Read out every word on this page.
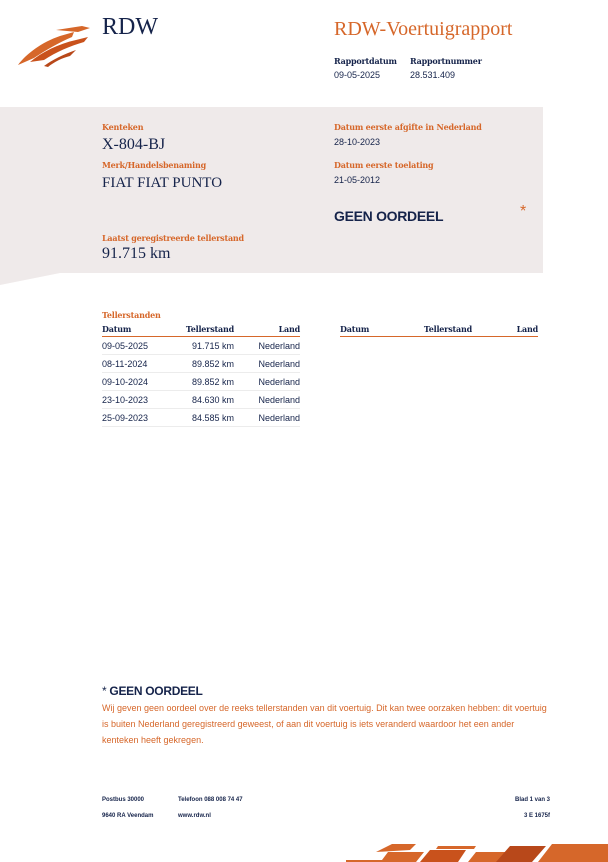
RDW	RDW-Voertuigrapport
Rapportdatum
09-05-2025
Rapportnummer
28.531.409
Kenteken
X-804-BJ
Merk/Handelsbenaming
FIAT FIAT PUNTO
Laatst geregistreerde tellerstand
91.715 km
Datum eerste afgifte in Nederland
28-10-2023
Datum eerste toelating
21-05-2012
GEEN OORDEEL	*
Tellerstanden
Datum	Tellerstand	Land
09-05-2025	91.715 km	Nederland
08-11-2024	89.852 km	Nederland
09-10-2024	89.852 km	Nederland
23-10-2023	84.630 km	Nederland
25-09-2023	84.585 km	Nederland
Datum	Tellerstand	Land
* GEEN OORDEEL
Wij geven geen oordeel over de reeks tellerstanden van dit voertuig. Dit kan twee oorzaken hebben: dit voertuig is buiten Nederland geregistreerd geweest, of aan dit voertuig is iets veranderd waardoor het een ander kenteken heeft gekregen.
Postbus 30000
9640 RA Veendam
Telefoon 088 008 74 47
www.rdw.nl
Blad 1 van 3
3 E 1675f
